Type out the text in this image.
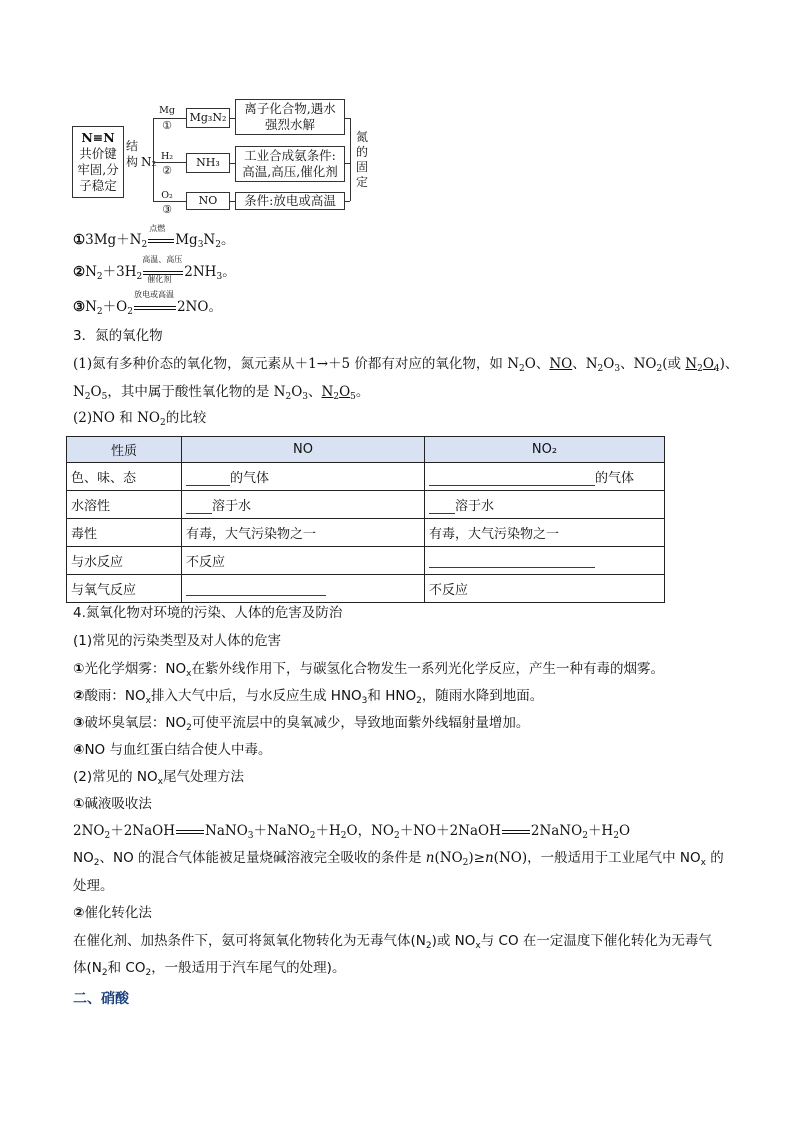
N≡N
共价键
牢固,分
子稳定
结构 N₂
Mg
①
H₂
②
O₂
③
Mg₃N₂
NH₃
NO
离子化合物,遇水
强烈水解
工业合成氨条件:
高温,高压,催化剂
条件:放电或高温
氮的固定
$①3Mg+N_2$
点燃
$Mg_3N_2$。
$②N_2+3H_2$
高温、高压
催化剂 $2NH_3$。
$③N_2+O_2$
放电或高温
2NO。
3．氮的氧化物
(1)氮有多种价态的氧化物，氮元素从＋1→＋5 价都有对应的氧化物，如 $N_2O$、NO、$N_2O_3$、$NO_2$(或 $N_2O_4$)、
$N_2O_5$，其中属于酸性氧化物的是 $N_2O_3$、$N_2O_5$。
(2)NO 和 $NO_2$的比较
性质	NO	NO₂
色、味、态	的气体	的气体
水溶性	溶于水	溶于水
毒性	有毒，大气污染物之一	有毒，大气污染物之一
与水反应	不反应	
与氧气反应		不反应
4.氮氧化物对环境的污染、人体的危害及防治
(1)常见的污染类型及对人体的危害
①光化学烟雾：$NO_x$在紫外线作用下，与碳氢化合物发生一系列光化学反应，产生一种有毒的烟雾。
②酸雨：$NO_x$排入大气中后，与水反应生成 $HNO_3$和 $HNO_2$，随雨水降到地面。
③破坏臭氧层：$NO_2$可使平流层中的臭氧减少，导致地面紫外线辐射量增加。
④NO 与血红蛋白结合使人中毒。
(2)常见的 $NO_x$尾气处理方法
①碱液吸收法
$2NO_2+2NaOH$ $NaNO_3+NaNO_2+H_2O$，$NO_2+NO+2NaOH$ $2NaNO_2+H_2O$
$NO_2$、NO 的混合气体能被足量烧碱溶液完全吸收的条件是 $n(NO_2)\ge n(NO)$，一般适用于工业尾气中 $NO_x$ 的
处理。
②催化转化法
在催化剂、加热条件下，氨可将氮氧化物转化为无毒气体$(N_2)$或 $NO_x$与 CO 在一定温度下催化转化为无毒气
体($N_2$和 $CO_2$，一般适用于汽车尾气的处理)。
二、硝酸
